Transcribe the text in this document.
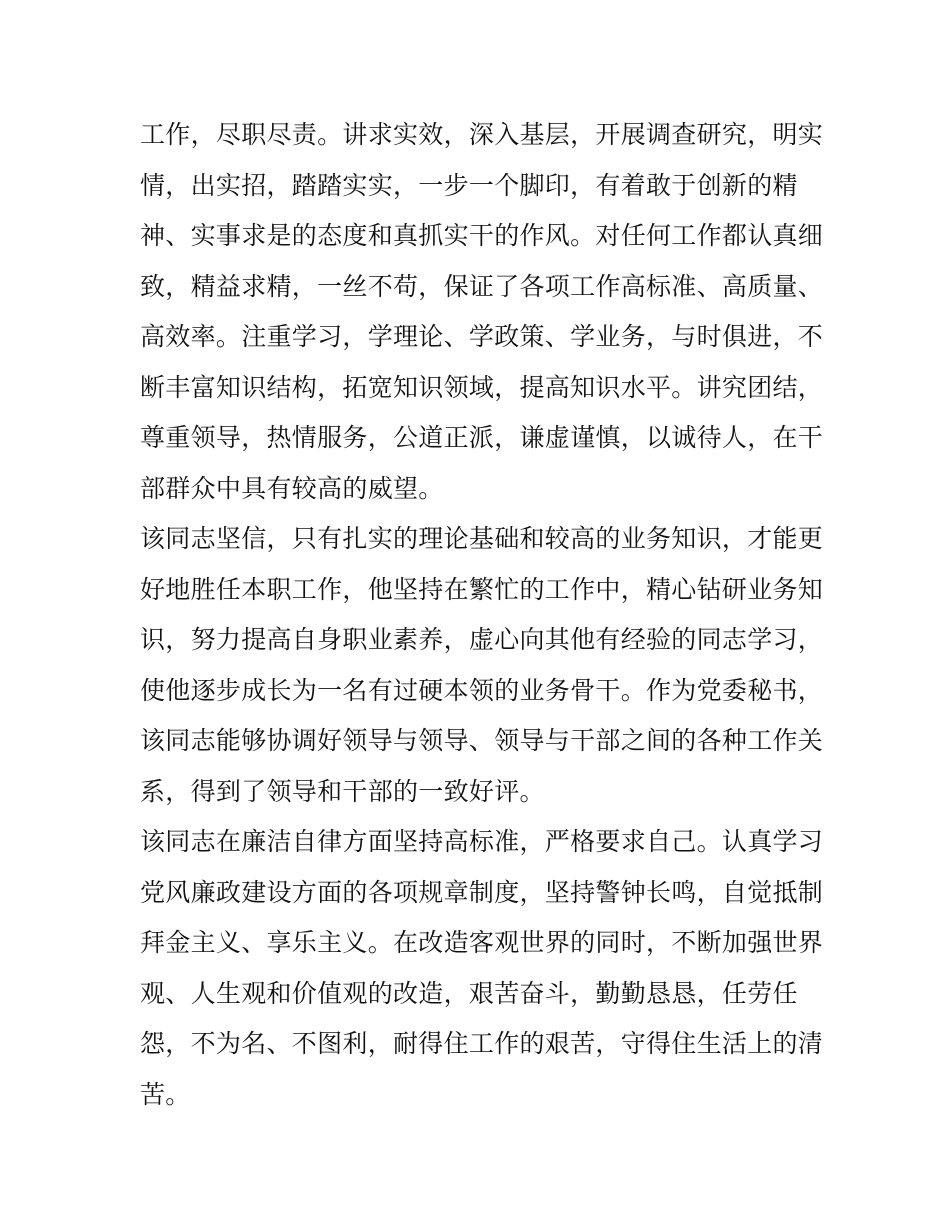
工作，尽职尽责。讲求实效，深入基层，开展调查研究，明实
情，出实招，踏踏实实，一步一个脚印，有着敢于创新的精
神、实事求是的态度和真抓实干的作风。对任何工作都认真细
致，精益求精，一丝不苟，保证了各项工作高标准、高质量、
高效率。注重学习，学理论、学政策、学业务，与时俱进，不
断丰富知识结构，拓宽知识领域，提高知识水平。讲究团结，
尊重领导，热情服务，公道正派，谦虚谨慎，以诚待人，在干
部群众中具有较高的威望。
该同志坚信，只有扎实的理论基础和较高的业务知识，才能更
好地胜任本职工作，他坚持在繁忙的工作中，精心钻研业务知
识，努力提高自身职业素养，虚心向其他有经验的同志学习，
使他逐步成长为一名有过硬本领的业务骨干。作为党委秘书，
该同志能够协调好领导与领导、领导与干部之间的各种工作关
系，得到了领导和干部的一致好评。
该同志在廉洁自律方面坚持高标准，严格要求自己。认真学习
党风廉政建设方面的各项规章制度，坚持警钟长鸣，自觉抵制
拜金主义、享乐主义。在改造客观世界的同时，不断加强世界
观、人生观和价值观的改造，艰苦奋斗，勤勤恳恳，任劳任
怨，不为名、不图利，耐得住工作的艰苦，守得住生活上的清
苦。
